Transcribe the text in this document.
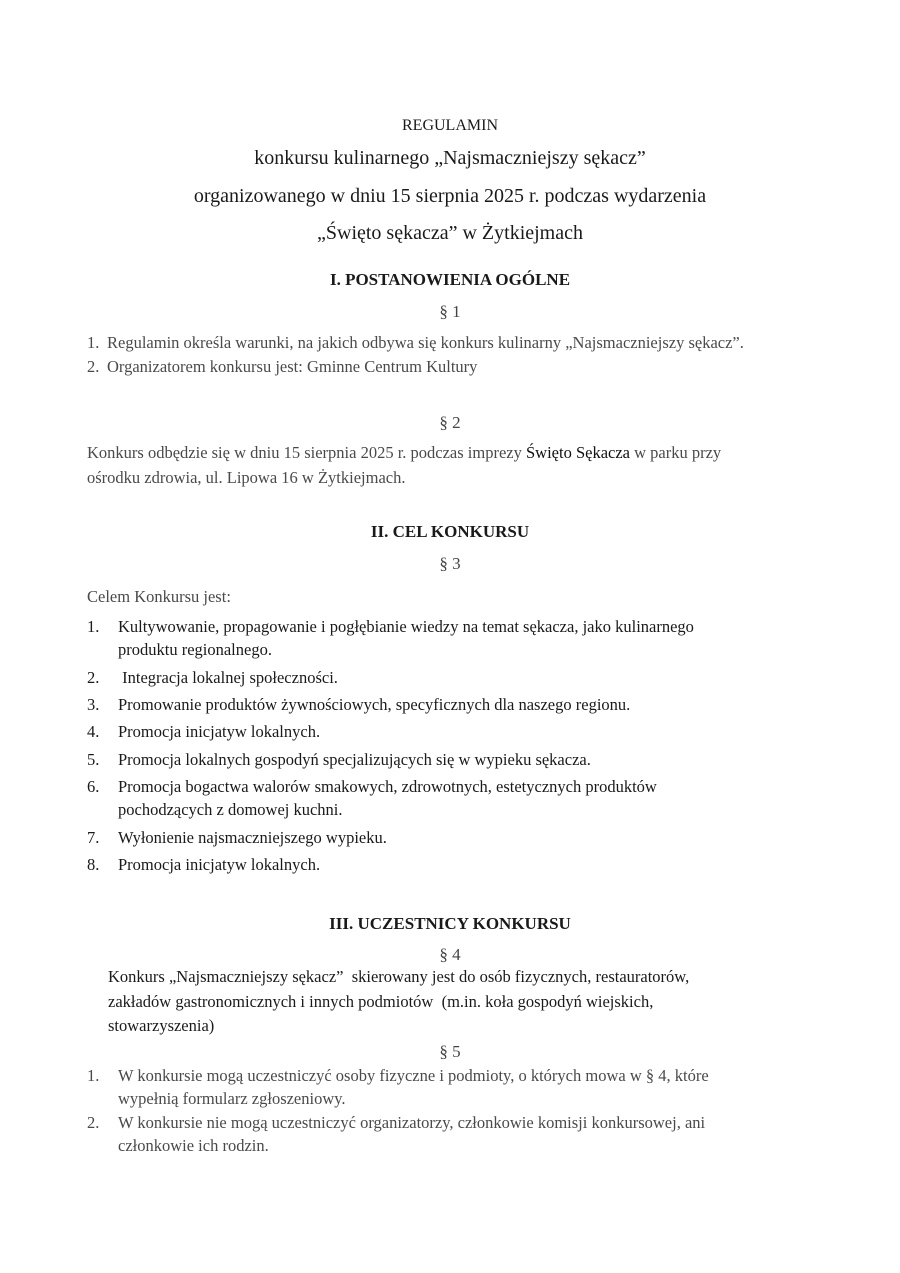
REGULAMIN
konkursu kulinarnego „Najsmaczniejszy sękacz”
organizowanego w dniu 15 sierpnia 2025 r. podczas wydarzenia
„Święto sękacza” w Żytkiejmach
I. POSTANOWIENIA OGÓLNE
§ 1
1. Regulamin określa warunki, na jakich odbywa się konkurs kulinarny „Najsmaczniejszy sękacz”.
2. Organizatorem konkursu jest: Gminne Centrum Kultury
§ 2
Konkurs odbędzie się w dniu 15 sierpnia 2025 r. podczas imprezy Święto Sękacza w parku przy
ośrodku zdrowia, ul. Lipowa 16 w Żytkiejmach.
II. CEL KONKURSU
§ 3
Celem Konkursu jest:
1.	Kultywowanie, propagowanie i pogłębianie wiedzy na temat sękacza, jako kulinarnego
produktu regionalnego.
2.	Integracja lokalnej społeczności.
3.	Promowanie produktów żywnościowych, specyficznych dla naszego regionu.
4.	Promocja inicjatyw lokalnych.
5.	Promocja lokalnych gospodyń specjalizujących się w wypieku sękacza.
6.	Promocja bogactwa walorów smakowych, zdrowotnych, estetycznych produktów
pochodzących z domowej kuchni.
7.	Wyłonienie najsmaczniejszego wypieku.
8.	Promocja inicjatyw lokalnych.
III. UCZESTNICY KONKURSU
§ 4
Konkurs „Najsmaczniejszy sękacz”  skierowany jest do osób fizycznych, restauratorów,
zakładów gastronomicznych i innych podmiotów  (m.in. koła gospodyń wiejskich,
stowarzyszenia)
§ 5
1.	W konkursie mogą uczestniczyć osoby fizyczne i podmioty, o których mowa w § 4, które
wypełnią formularz zgłoszeniowy.
2.	W konkursie nie mogą uczestniczyć organizatorzy, członkowie komisji konkursowej, ani
członkowie ich rodzin.
